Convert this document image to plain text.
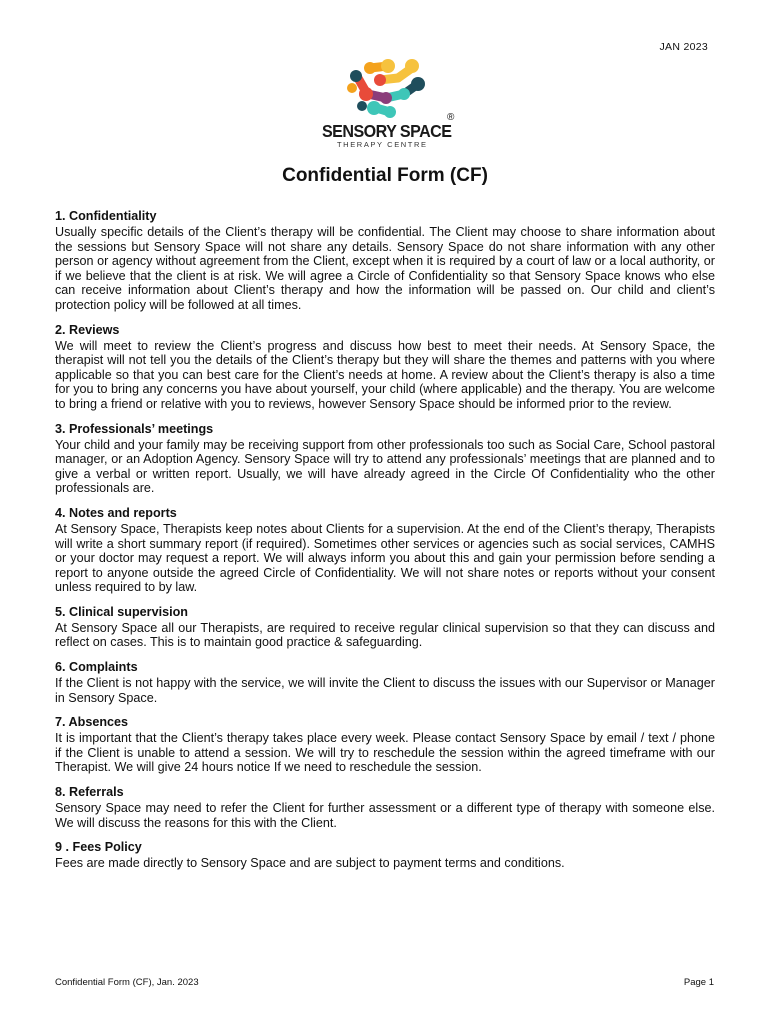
JAN 2023
SENSORY SPACE
®
THERAPY CENTRE
Confidential Form (CF)

1. Confidentiality

Usually specific details of the Client’s therapy will be confidential. The Client may choose to share information about the sessions but Sensory Space will not share any details. Sensory Space do not share information with any other person or agency without agreement from the Client, except when it is required by a court of law or a local authority, or if we believe that the client is at risk. We will agree a Circle of Confidentiality so that Sensory Space knows who else can receive information about Client’s therapy and how the information will be passed on. Our child and client’s protection policy will be followed at all times.

2. Reviews

We will meet to review the Client’s progress and discuss how best to meet their needs. At Sensory Space, the therapist will not tell you the details of the Client’s therapy but they will share the themes and patterns with you where applicable so that you can best care for the Client’s needs at home. A review about the Client’s therapy is also a time for you to bring any concerns you have about yourself, your child (where applicable) and the therapy. You are welcome to bring a friend or relative with you to reviews, however Sensory Space should be informed prior to the review.

3. Professionals’ meetings

Your child and your family may be receiving support from other professionals too such as Social Care, School pastoral manager, or an Adoption Agency. Sensory Space will try to attend any professionals’ meetings that are planned and to give a verbal or written report. Usually, we will have already agreed in the Circle Of Confidentiality who the other professionals are.

4. Notes and reports

At Sensory Space, Therapists keep notes about Clients for a supervision. At the end of the Client’s therapy, Therapists will write a short summary report (if required). Sometimes other services or agencies such as social services, CAMHS or your doctor may request a report. We will always inform you about this and gain your permission before sending a report to anyone outside the agreed Circle of Confidentiality. We will not share notes or reports without your consent unless required to by law.

5. Clinical supervision

At Sensory Space all our Therapists, are required to receive regular clinical supervision so that they can discuss and reflect on cases. This is to maintain good practice & safeguarding.

6. Complaints

If the Client is not happy with the service, we will invite the Client to discuss the issues with our Supervisor or Manager in Sensory Space.

7. Absences

It is important that the Client’s therapy takes place every week. Please contact Sensory Space by email / text / phone if the Client is unable to attend a session. We will try to reschedule the session within the agreed timeframe with our Therapist. We will give 24 hours notice If we need to reschedule the session.

8. Referrals

Sensory Space may need to refer the Client for further assessment or a different type of therapy with someone else. We will discuss the reasons for this with the Client.

9 . Fees Policy

Fees are made directly to Sensory Space and are subject to payment terms and conditions.

Confidential Form (CF), Jan. 2023	Page 1
